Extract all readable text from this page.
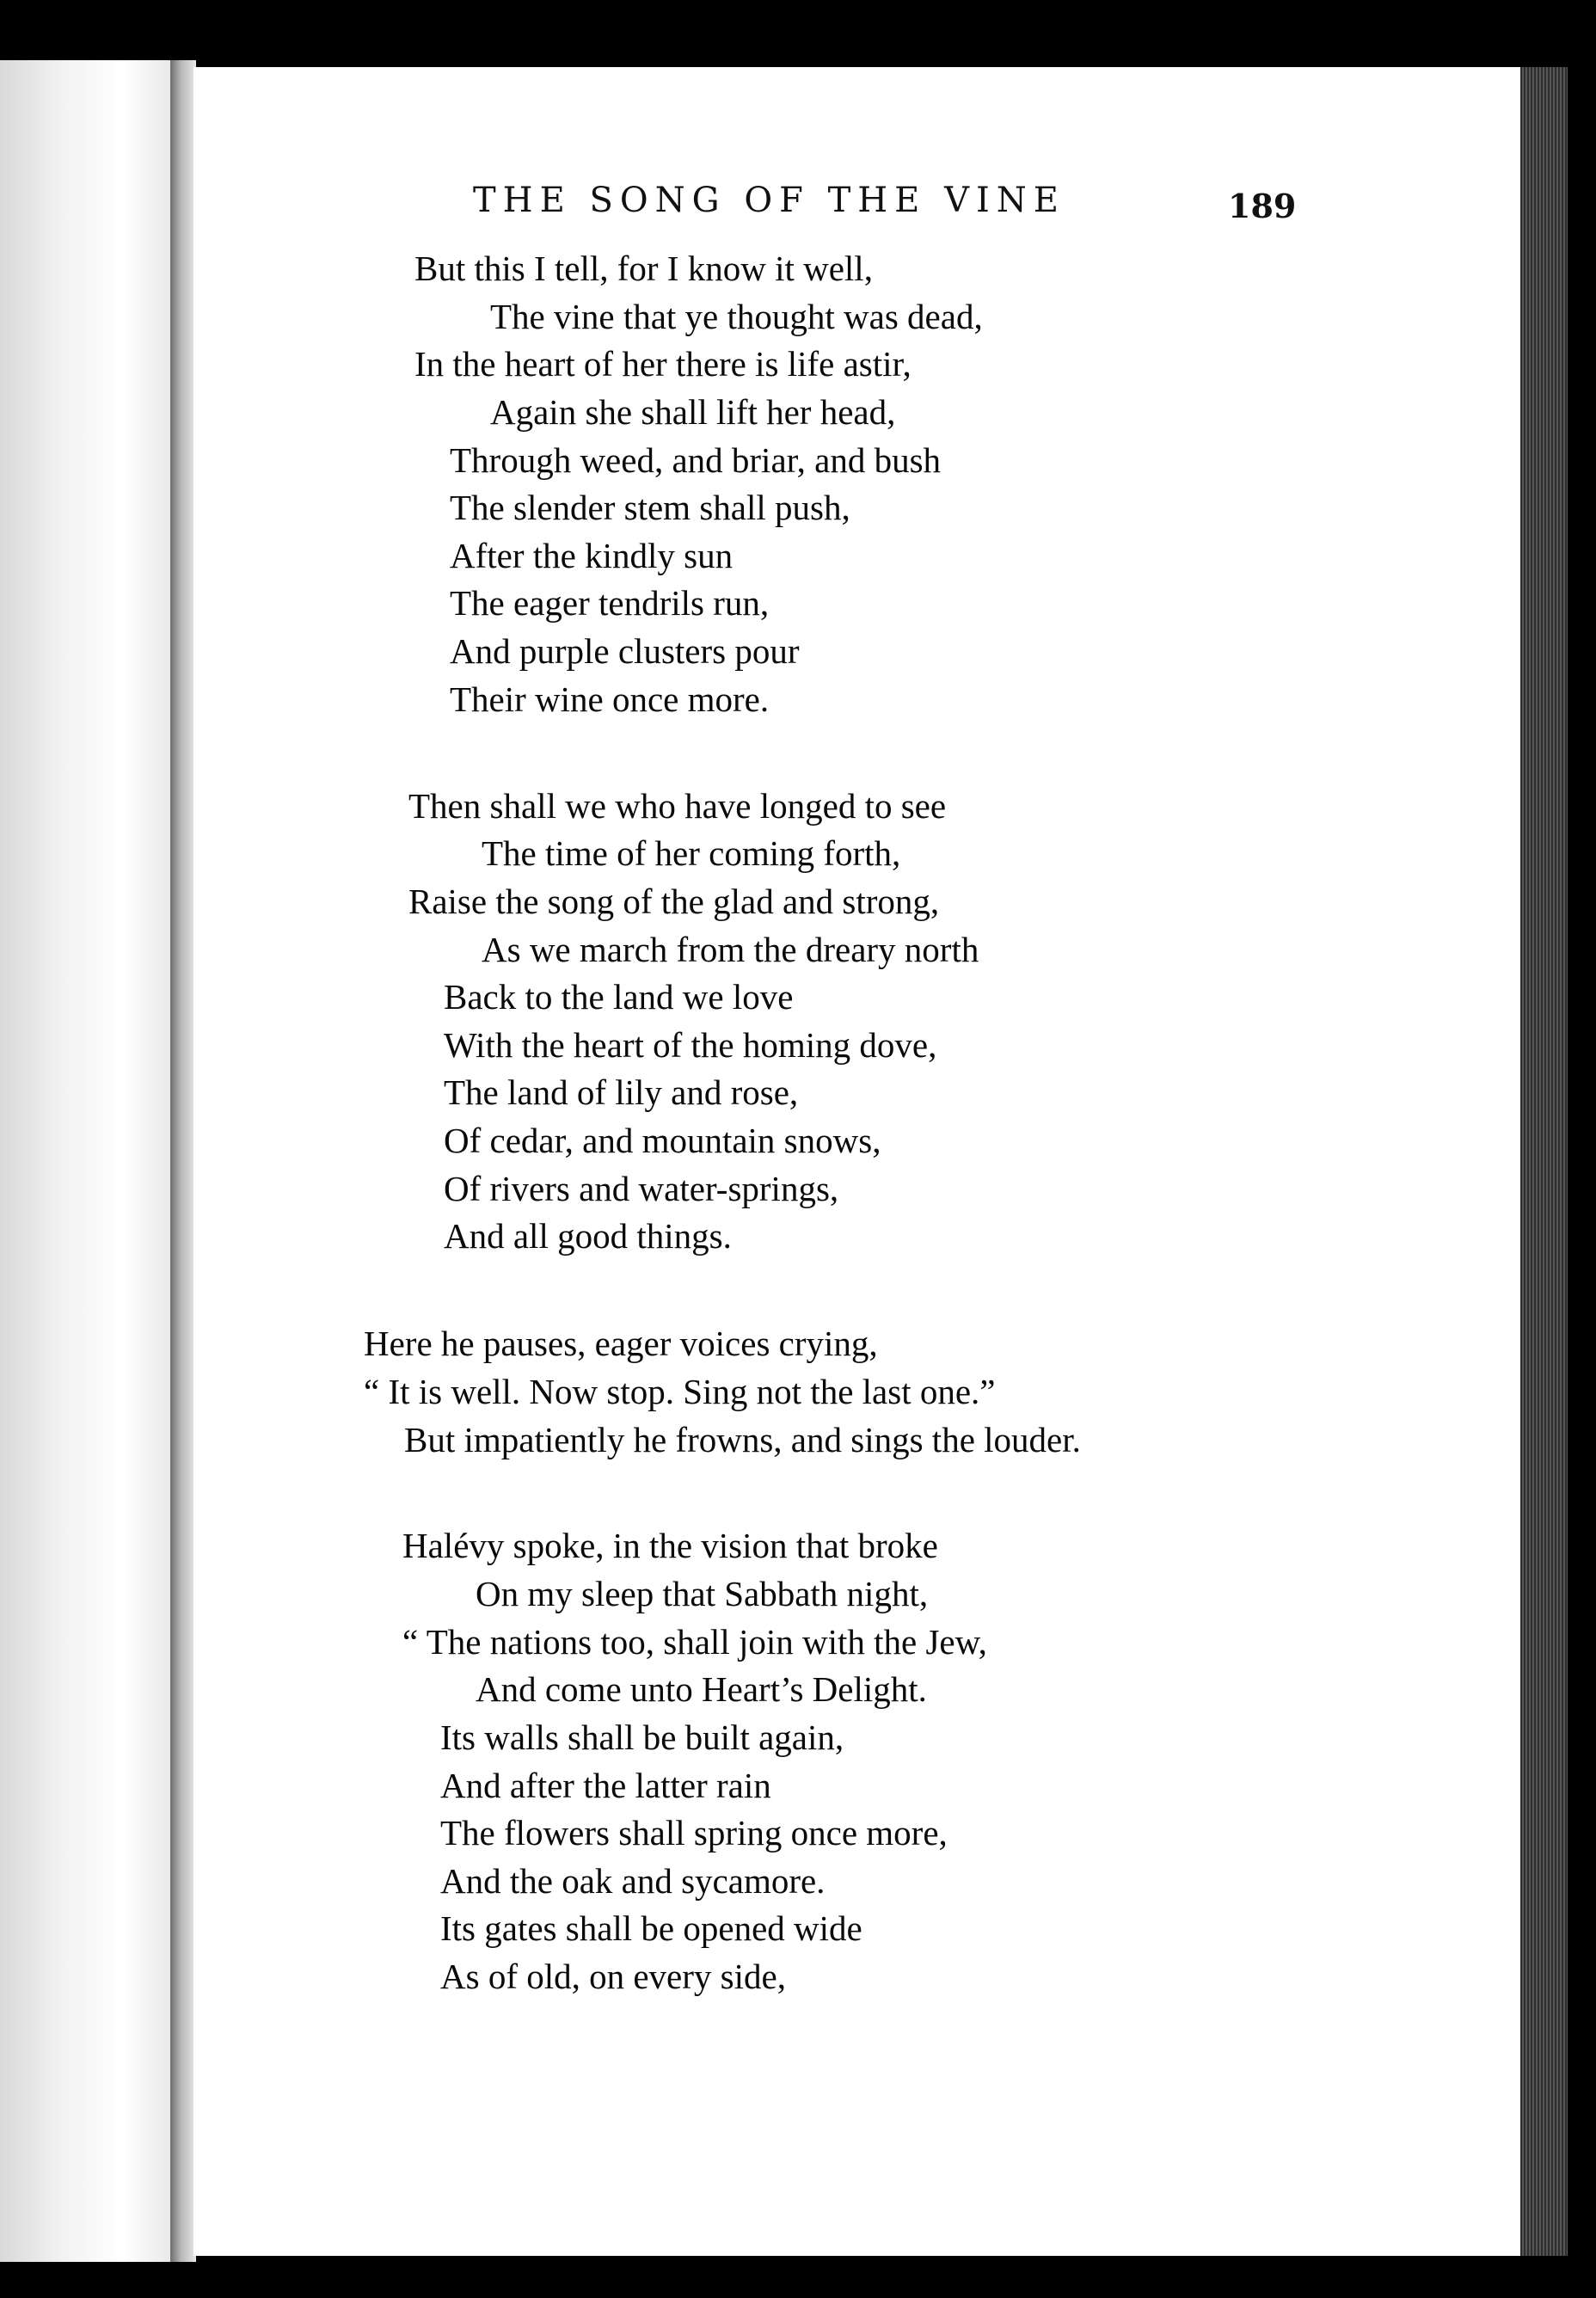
THE SONG OF THE VINE	189
But this I tell, for I know it well,
The vine that ye thought was dead,
In the heart of her there is life astir,
Again she shall lift her head,
Through weed, and briar, and bush
The slender stem shall push,
After the kindly sun
The eager tendrils run,
And purple clusters pour
Their wine once more.
Then shall we who have longed to see
The time of her coming forth,
Raise the song of the glad and strong,
As we march from the dreary north
Back to the land we love
With the heart of the homing dove,
The land of lily and rose,
Of cedar, and mountain snows,
Of rivers and water-springs,
And all good things.
Here he pauses, eager voices crying,
“ It is well. Now stop. Sing not the last one.”
But impatiently he frowns, and sings the louder.
Halévy spoke, in the vision that broke
On my sleep that Sabbath night,
“ The nations too, shall join with the Jew,
And come unto Heart’s Delight.
Its walls shall be built again,
And after the latter rain
The flowers shall spring once more,
And the oak and sycamore.
Its gates shall be opened wide
As of old, on every side,
